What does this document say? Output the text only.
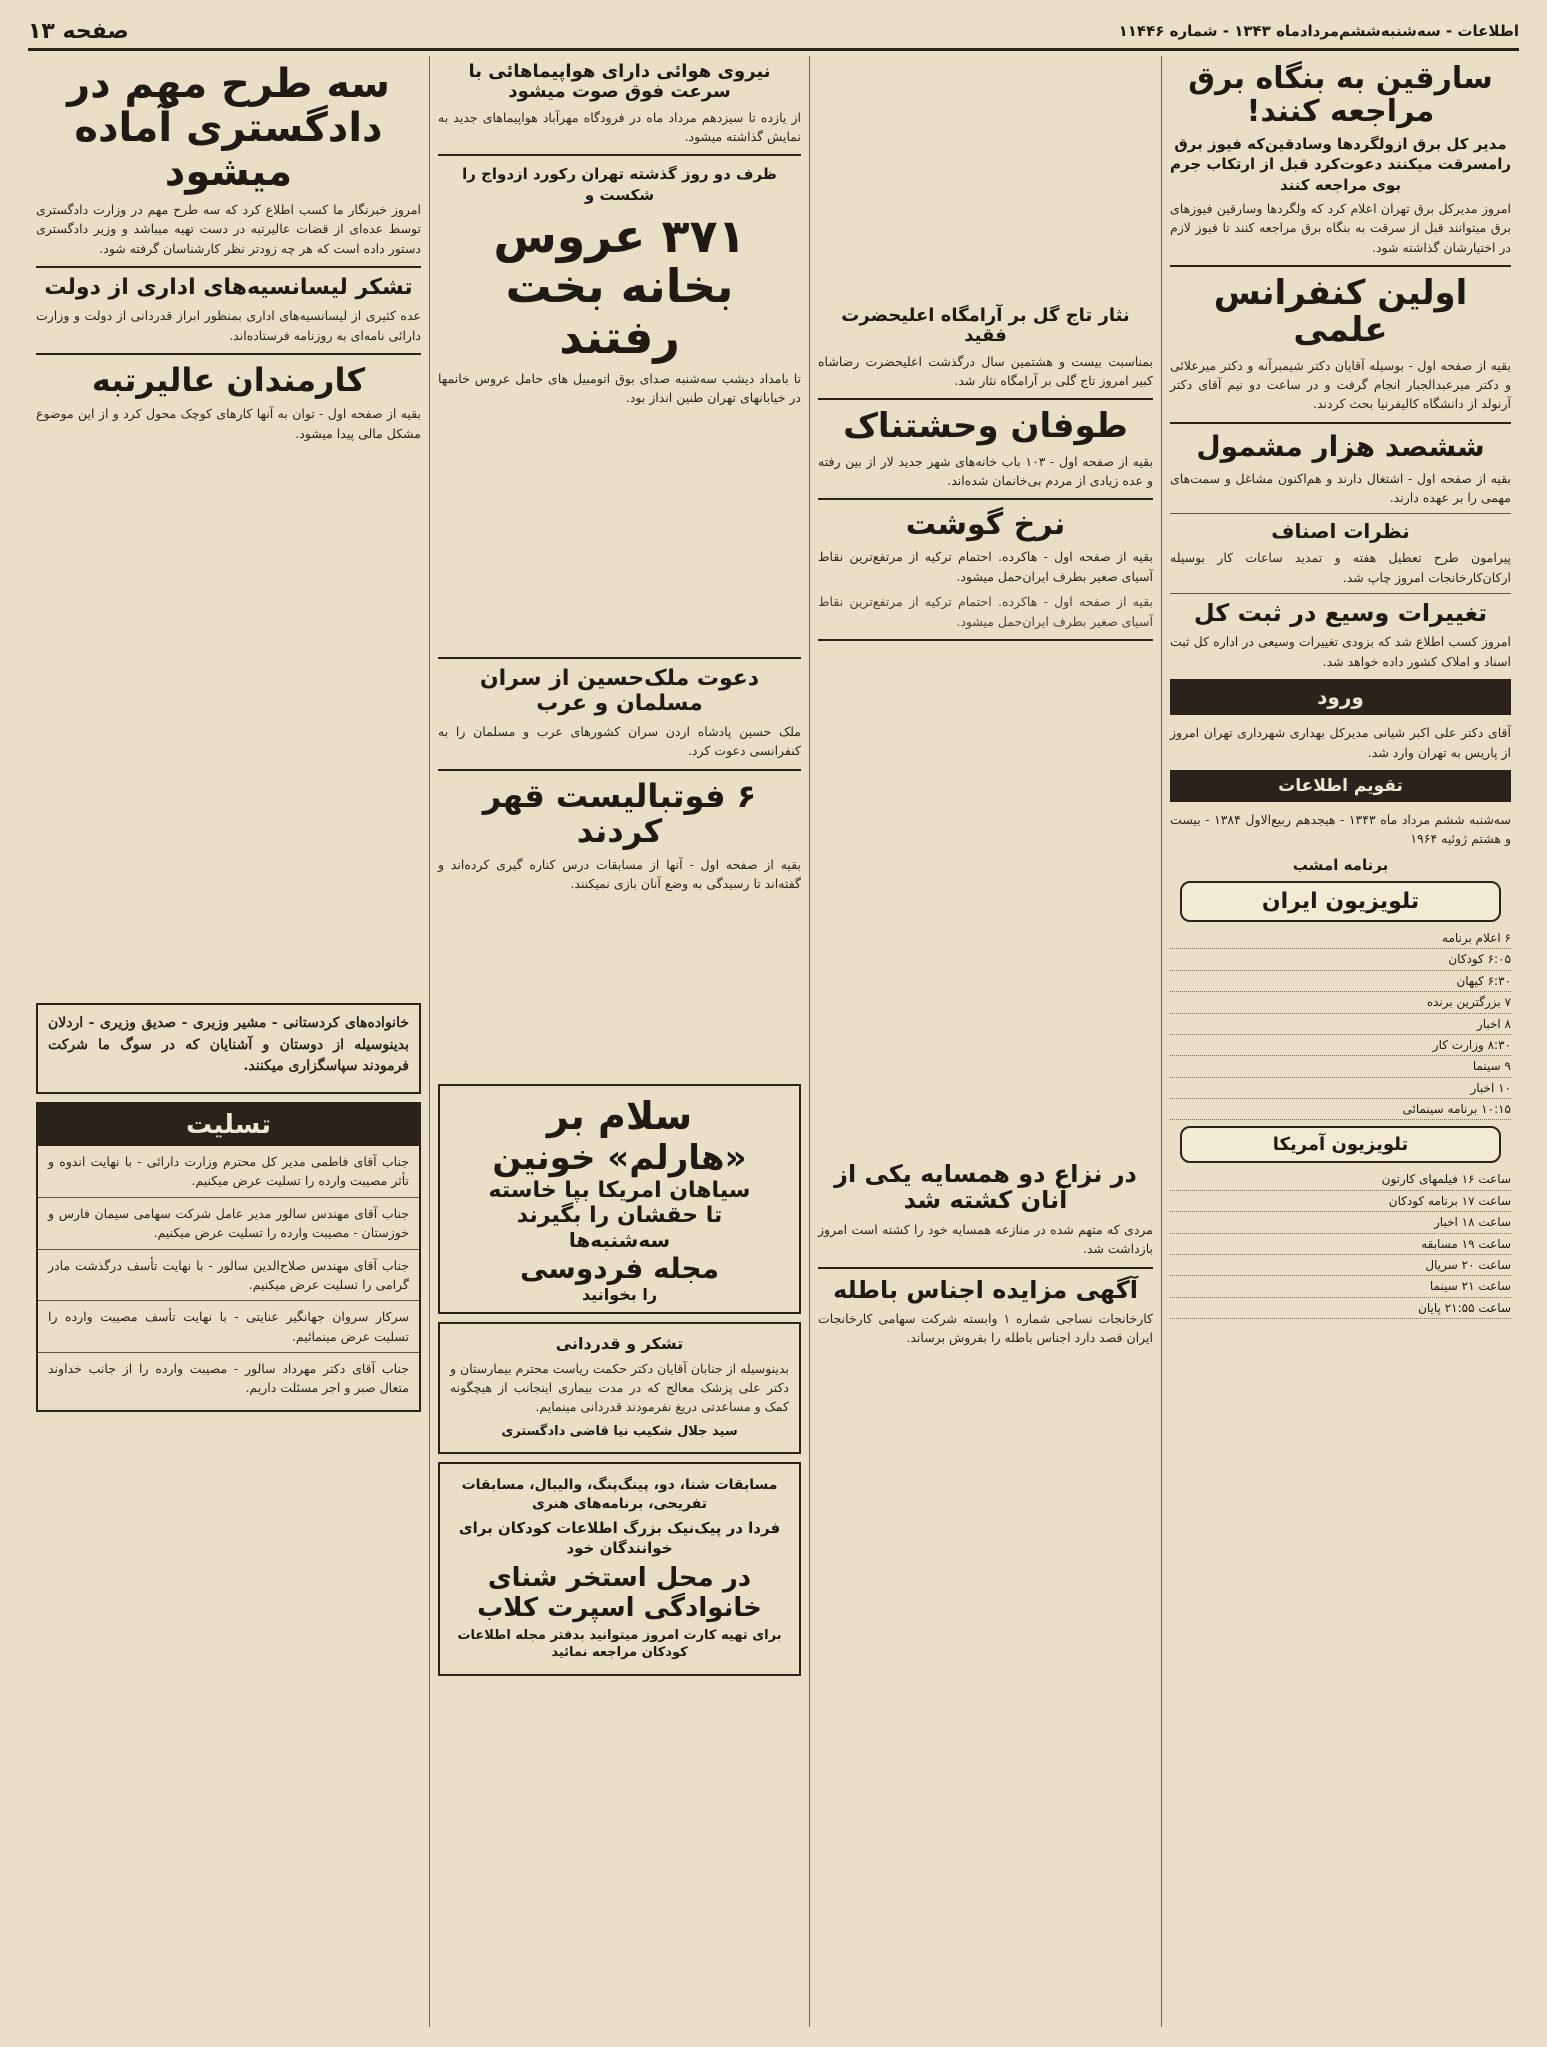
اطلاعات - سه‌شنبه‌ششم‌مرداد‌ماه ۱۳۴۳ - شماره ۱۱۴۴۶
صفحه ۱۳
سارقین به بنگاه برق مراجعه کنند!
مدیر کل برق ازولگردها وسادقین‌که فیوز برق رامسرقت میکنند دعوت‌کرد قبل از ارتکاب جرم بوی مراجعه کنند

امروز مدیرکل برق تهران اعلام کرد که ولگردها وسارقین فیوزهای برق میتوانند قبل از سرقت به بنگاه برق مراجعه کنند تا فیوز لازم در اختیارشان گذاشته شود.

اولین کنفرانس علمی

بقیه از صفحه اول - بوسیله آقایان دکتر شیمبرآنه و دکتر میرعلائی و دکتر میرعبدالجبار انجام گرفت و در ساعت دو نیم آقای دکتر آرنولد از دانشگاه کالیفرنیا بحث کردند.

ششصد هزار مشمول

بقیه از صفحه اول - اشتغال دارند و هم‌اکنون مشاغل و سمت‌های مهمی را بر عهده دارند.

نظرات اصناف

پیرامون طرح تعطیل هفته و تمدید ساعات کار بوسیله ارکان‌کارخانجات امروز چاپ شد.

تغییرات وسیع در ثبت کل

امروز کسب اطلاع شد که بزودی تغییرات وسیعی در اداره کل ثبت اسناد و املاک کشور داده خواهد شد.

ورود

آقای دکتر علی اکبر شیانی مدیرکل بهداری شهرداری تهران امروز از پاریس به تهران وارد شد.

تقویم اطلاعات

سه‌شنبه ششم مرداد ماه ۱۳۴۳ - هیجدهم ربیع‌الاول ۱۳۸۴ - بیست و هشتم ژوئیه ۱۹۶۴

برنامه امشب
تلویزیون ایران
۶ اعلام برنامه
۶:۰۵ کودکان
۶:۳۰ کیهان
۷ بزرگترین برنده
۸ اخبار
۸:۳۰ وزارت کار
۹ سینما
۱۰ اخبار
۱۰:۱۵ برنامه سینمائی
تلویزیون آمریکا
ساعت ۱۶ فیلمهای کارتون
ساعت ۱۷ برنامه کودکان
ساعت ۱۸ اخبار
ساعت ۱۹ مسابقه
ساعت ۲۰ سریال
ساعت ۲۱ سینما
ساعت ۲۱:۵۵ پایان
نثار تاج گل بر آرامگاه اعلیحضرت فقید

بمناسبت بیست و هشتمین سال درگذشت اعلیحضرت رضاشاه کبیر امروز تاج گلی بر آرامگاه نثار شد.

طوفان وحشتناک

بقیه از صفحه اول - ۱۰۳ باب خانه‌های شهر جدید لار از بین رفته و عده زیادی از مردم بی‌خانمان شده‌اند.

نرخ گوشت

بقیه از صفحه اول - هاکرده. احتمام ترکیه از مرتفع‌ترین نقاط آسیای صغیر بطرف ایران‌حمل میشود.

بقیه از صفحه اول - هاکرده. احتمام ترکیه از مرتفع‌ترین نقاط آسیای صغیر بطرف ایران‌حمل میشود.

در نزاع دو همسایه یکی از آنان کشته شد

مردی که متهم شده در منازعه همسایه خود را کشته است امروز بازداشت شد.

آگهی مزایده اجناس باطله

کارخانجات نساجی شماره ۱ وابسته شرکت سهامی کارخانجات ایران قصد دارد اجناس باطله را بفروش برساند.

نیروی هوائی دارای هواپیماهائی با سرعت فوق صوت میشود

از یازده تا سیزدهم مرداد ماه در فرودگاه مهرآباد هواپیماهای جدید به نمایش گذاشته میشود.

ظرف دو روز گذشته تهران رکورد ازدواج را شکست و
۳۷۱ عروس بخانه بخت رفتند

تا بامداد دیشب سه‌شنبه صدای بوق اتومبیل های حامل عروس خانمها در خیابانهای تهران طنین انداز بود.

دعوت ملک‌حسین از سران مسلمان و عرب

ملک حسین پادشاه اردن سران کشورهای عرب و مسلمان را به کنفرانسی دعوت کرد.

۶ فوتبالیست قهر کردند

بقیه از صفحه اول - آنها از مسابقات درس کناره گیری کرده‌اند و گفته‌اند تا رسیدگی به وضع آنان بازی نمیکنند.

سلام بر
«هارلم» خونین
سیاهان امریکا بپا خاسته
تا حقشان را بگیرند
سه‌شنبه‌ها
مجله فردوسی
را بخوانید
تشکر و قدردانی

بدینوسیله از جنابان آقایان دکتر حکمت ریاست محترم بیمارستان و دکتر علی پزشک معالج که در مدت بیماری اینجانب از هیچگونه کمک و مساعدتی دریغ نفرمودند قدردانی مینمایم.

سید جلال شکیب نیا قاضی دادگستری
مسابقات شنا، دو، پینگ‌پنگ، والیبال، مسابقات تفریحی، برنامه‌های هنری
فردا در پیک‌نیک بزرگ اطلاعات کودکان برای خوانندگان خود
در محل استخر شنای خانوادگی اسپرت کلاب
برای تهیه کارت امروز میتوانید بدفتر مجله اطلاعات کودکان مراجعه نمائید
سه طرح مهم در دادگستری آماده میشود

امروز خبرنگار ما کسب اطلاع کرد که سه طرح مهم در وزارت دادگستری توسط عده‌ای از قضات عالیرتبه در دست تهیه میباشد و وزیر دادگستری دستور داده است که هر چه زودتر نظر کارشناسان گرفته شود.

تشکر لیسانسیه‌های اداری از دولت

عده کثیری از لیسانسیه‌های اداری بمنظور ابراز قدردانی از دولت و وزارت دارائی نامه‌ای به روزنامه فرستاده‌اند.

کارمندان عالیرتبه

بقیه از صفحه اول - توان به آنها کارهای کوچک محول کرد و از این موضوع مشکل مالی پیدا میشود.

خانواده‌های کردستانی - مشیر وزیری - صدیق وزیری - اردلان بدینوسیله از دوستان و آشنایان که در سوگ ما شرکت فرمودند سپاسگزاری میکنند.

تسلیت

جناب آقای فاطمی مدیر کل محترم وزارت دارائی - با نهایت اندوه و تأثر مصیبت وارده را تسلیت عرض میکنیم.

جناب آقای مهندس سالور مدیر عامل شرکت سهامی سیمان فارس و خوزستان - مصیبت وارده را تسلیت عرض میکنیم.

جناب آقای مهندس صلاح‌الدین سالور - با نهایت تأسف درگذشت مادر گرامی را تسلیت عرض میکنیم.

سرکار سروان جهانگیر عنایتی - با نهایت تأسف مصیبت وارده را تسلیت عرض مینمائیم.

جناب آقای دکتر مهرداد سالور - مصیبت وارده را از جانب خداوند متعال صبر و اجر مسئلت داریم.
